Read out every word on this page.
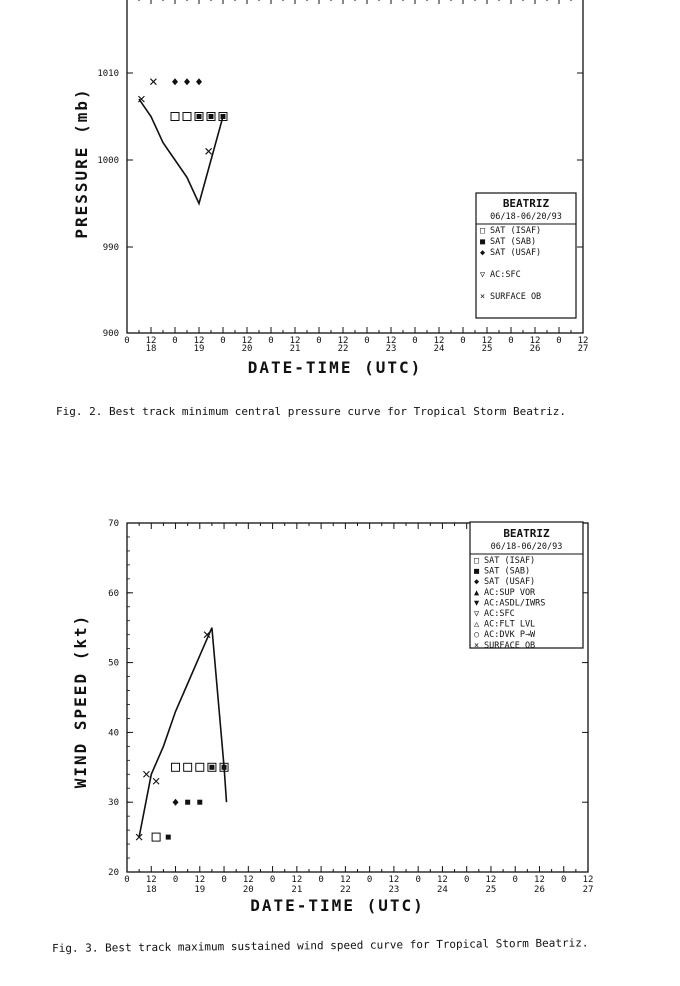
0 12 0 12 0 12 0 12 0 12 0 12 0 12 0 12 0 12 0 12
18	19	20	21	22	23	24	25	26	27
900
990
1000
1010
DATE-TIME (UTC)
PRESSURE (mb)	BEATRIZ
06/18-06/20/93
□ SAT (ISAF)
■ SAT (SAB)
◆ SAT (USAF)
▽ AC:SFC
× SURFACE OB
Fig. 2. Best track minimum central pressure curve for Tropical Storm Beatriz.
0 12 0 12 0 12 0 12 0 12 0 12 0 12 0 12 0 12 0 12
18	19	20	21	22	23	24	25	26	27
20
30
40
50
60
70
DATE-TIME (UTC)
WIND SPEED (kt)
BEATRIZ
06/18-06/20/93
□ SAT (ISAF)
■ SAT (SAB)
◆ SAT (USAF)
▲ AC:SUP VOR
▼ AC:ASDL/IWRS
▽ AC:SFC
△ AC:FLT LVL
○ AC:DVK P→W
× SURFACE OB
Fig. 3. Best track maximum sustained wind speed curve for Tropical Storm Beatriz.
